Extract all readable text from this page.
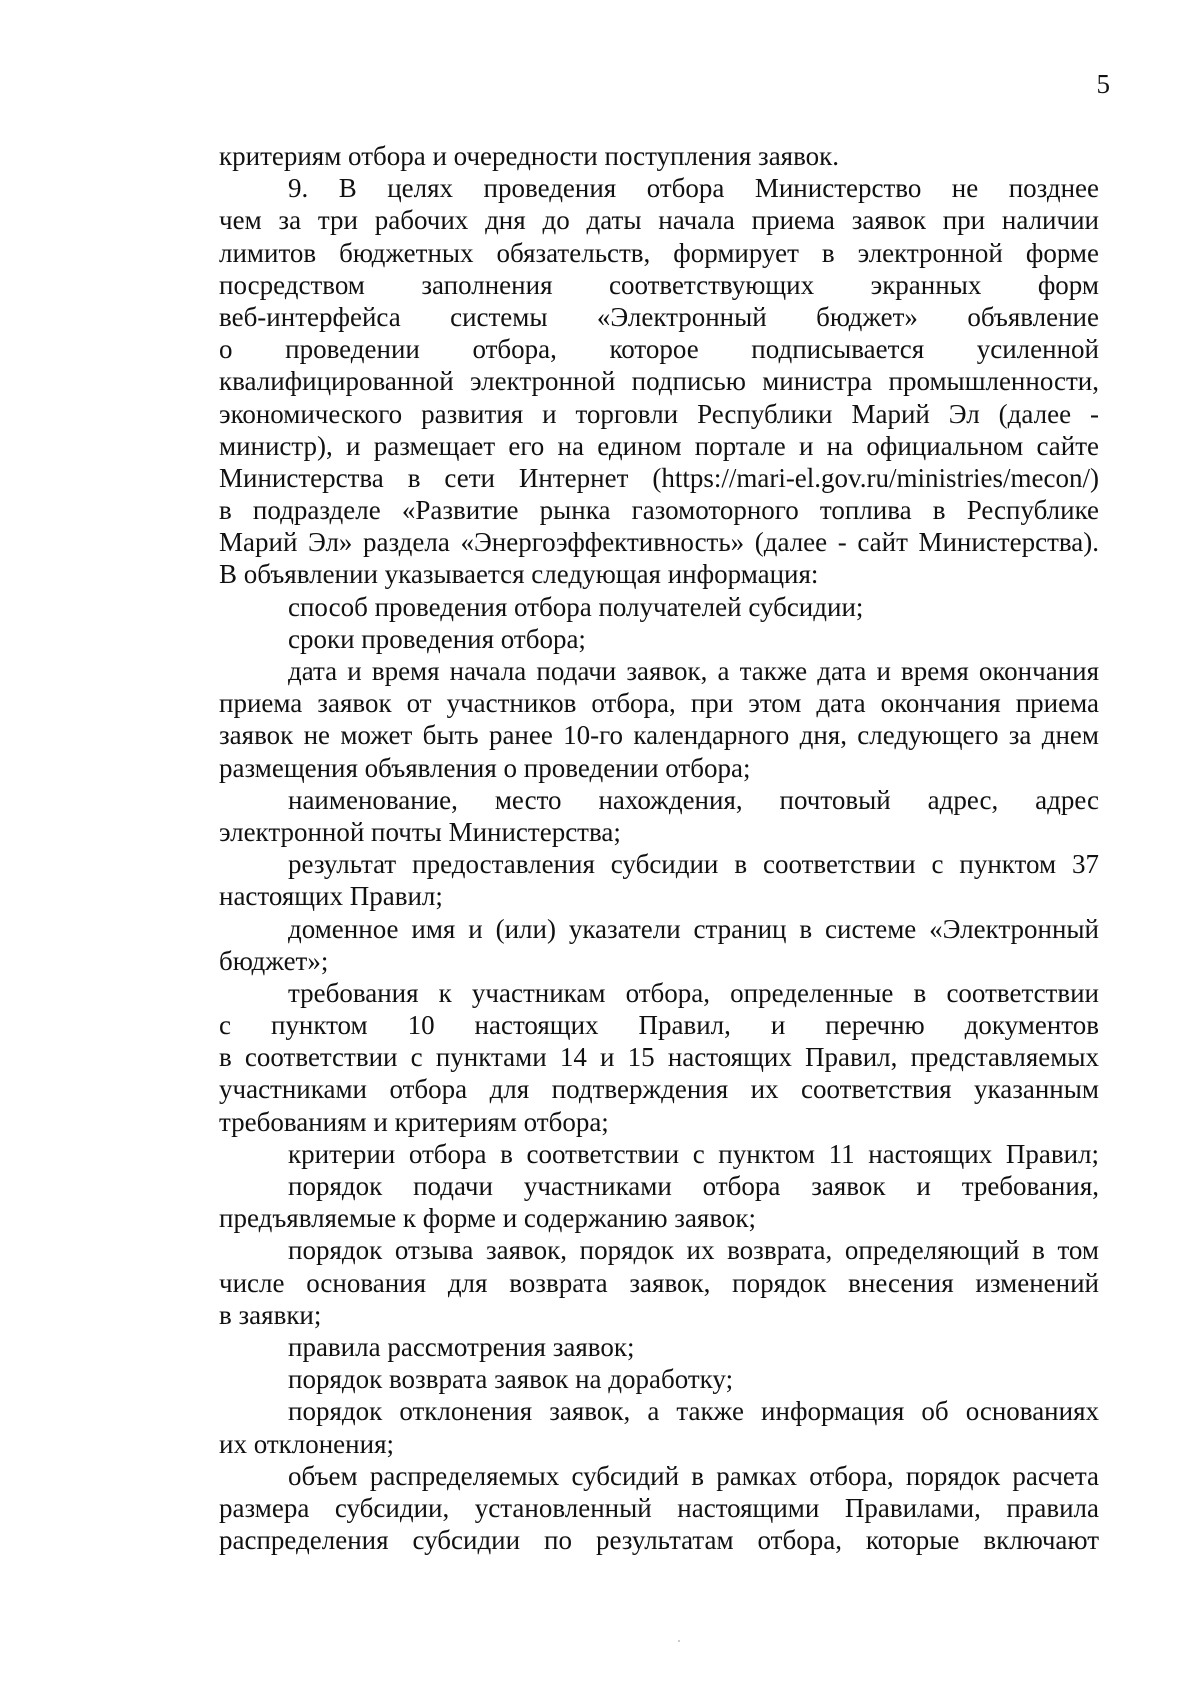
5
критериям отбора и очередности поступления заявок.
9. В целях проведения отбора Министерство не позднее
чем за три рабочих дня до даты начала приема заявок при наличии
лимитов бюджетных обязательств, формирует в электронной форме
посредством заполнения соответствующих экранных форм
веб-интерфейса системы «Электронный бюджет» объявление
о проведении отбора, которое подписывается усиленной
квалифицированной электронной подписью министра промышленности,
экономического развития и торговли Республики Марий Эл (далее -
министр), и размещает его на едином портале и на официальном сайте
Министерства в сети Интернет (https://mari-el.gov.ru/ministries/mecon/)
в подразделе «Развитие рынка газомоторного топлива в Республике
Марий Эл» раздела «Энергоэффективность» (далее - сайт Министерства).
В объявлении указывается следующая информация:
способ проведения отбора получателей субсидии;
сроки проведения отбора;
дата и время начала подачи заявок, а также дата и время окончания
приема заявок от участников отбора, при этом дата окончания приема
заявок не может быть ранее 10-го календарного дня, следующего за днем
размещения объявления о проведении отбора;
наименование, место нахождения, почтовый адрес, адрес
электронной почты Министерства;
результат предоставления субсидии в соответствии с пунктом 37
настоящих Правил;
доменное имя и (или) указатели страниц в системе «Электронный
бюджет»;
требования к участникам отбора, определенные в соответствии
с пунктом 10 настоящих Правил, и перечню документов
в соответствии с пунктами 14 и 15 настоящих Правил, представляемых
участниками отбора для подтверждения их соответствия указанным
требованиям и критериям отбора;
критерии отбора в соответствии с пунктом 11 настоящих Правил;
порядок подачи участниками отбора заявок и требования,
предъявляемые к форме и содержанию заявок;
порядок отзыва заявок, порядок их возврата, определяющий в том
числе основания для возврата заявок, порядок внесения изменений
в заявки;
правила рассмотрения заявок;
порядок возврата заявок на доработку;
порядок отклонения заявок, а также информация об основаниях
их отклонения;
объем распределяемых субсидий в рамках отбора, порядок расчета
размера субсидии, установленный настоящими Правилами, правила
распределения субсидии по результатам отбора, которые включают
